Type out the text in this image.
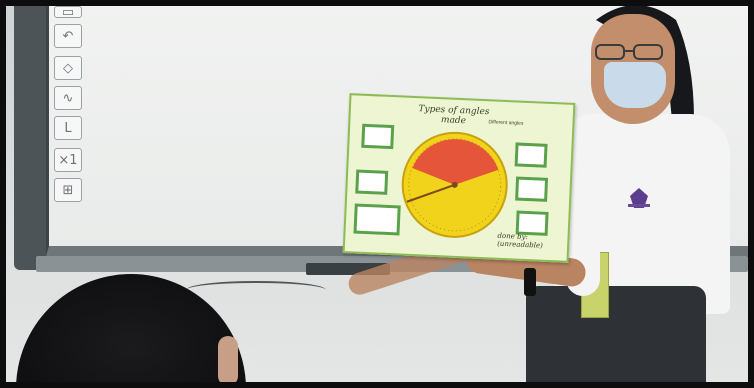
▭
↶
◇
∿
L
×1
⊞
Types of angles
made	Different angles
done by: (unreadable)
